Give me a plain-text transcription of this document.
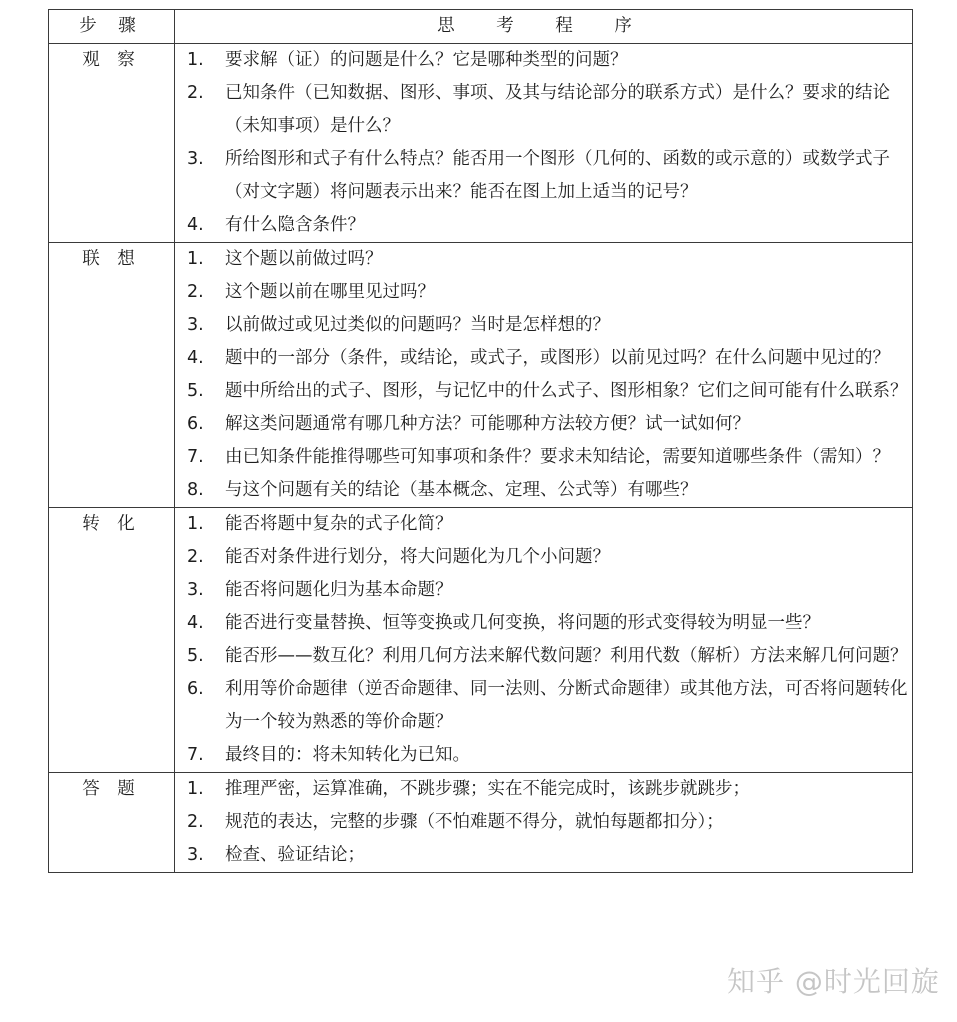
步 骤	思 考 程 序
观 察	1.	要求解（证）的问题是什么？它是哪种类型的问题？
2.	已知条件（已知数据、图形、事项、及其与结论部分的联系方式）是什么？要求的结论（未知事项）是什么？
3.	所给图形和式子有什么特点？能否用一个图形（几何的、函数的或示意的）或数学式子（对文字题）将问题表示出来？能否在图上加上适当的记号？
4.	有什么隐含条件？

联 想	1.	这个题以前做过吗？
2.	这个题以前在哪里见过吗？
3.	以前做过或见过类似的问题吗？当时是怎样想的？
4.	题中的一部分（条件，或结论，或式子，或图形）以前见过吗？在什么问题中见过的？
5.	题中所给出的式子、图形，与记忆中的什么式子、图形相象？它们之间可能有什么联系？
6.	解这类问题通常有哪几种方法？可能哪种方法较方便？试一试如何？
7.	由已知条件能推得哪些可知事项和条件？要求未知结论，需要知道哪些条件（需知）？
8.	与这个问题有关的结论（基本概念、定理、公式等）有哪些？

转 化	1.	能否将题中复杂的式子化简？
2.	能否对条件进行划分，将大问题化为几个小问题？
3.	能否将问题化归为基本命题？
4.	能否进行变量替换、恒等变换或几何变换，将问题的形式变得较为明显一些？
5.	能否形——数互化？利用几何方法来解代数问题？利用代数（解析）方法来解几何问题？
6.	利用等价命题律（逆否命题律、同一法则、分断式命题律）或其他方法，可否将问题转化为一个较为熟悉的等价命题？
7.	最终目的：将未知转化为已知。

答 题	1.	推理严密，运算准确，不跳步骤；实在不能完成时，该跳步就跳步；
2.	规范的表达，完整的步骤（不怕难题不得分，就怕每题都扣分）；
3.	检查、验证结论；
知乎 @时光回旋
